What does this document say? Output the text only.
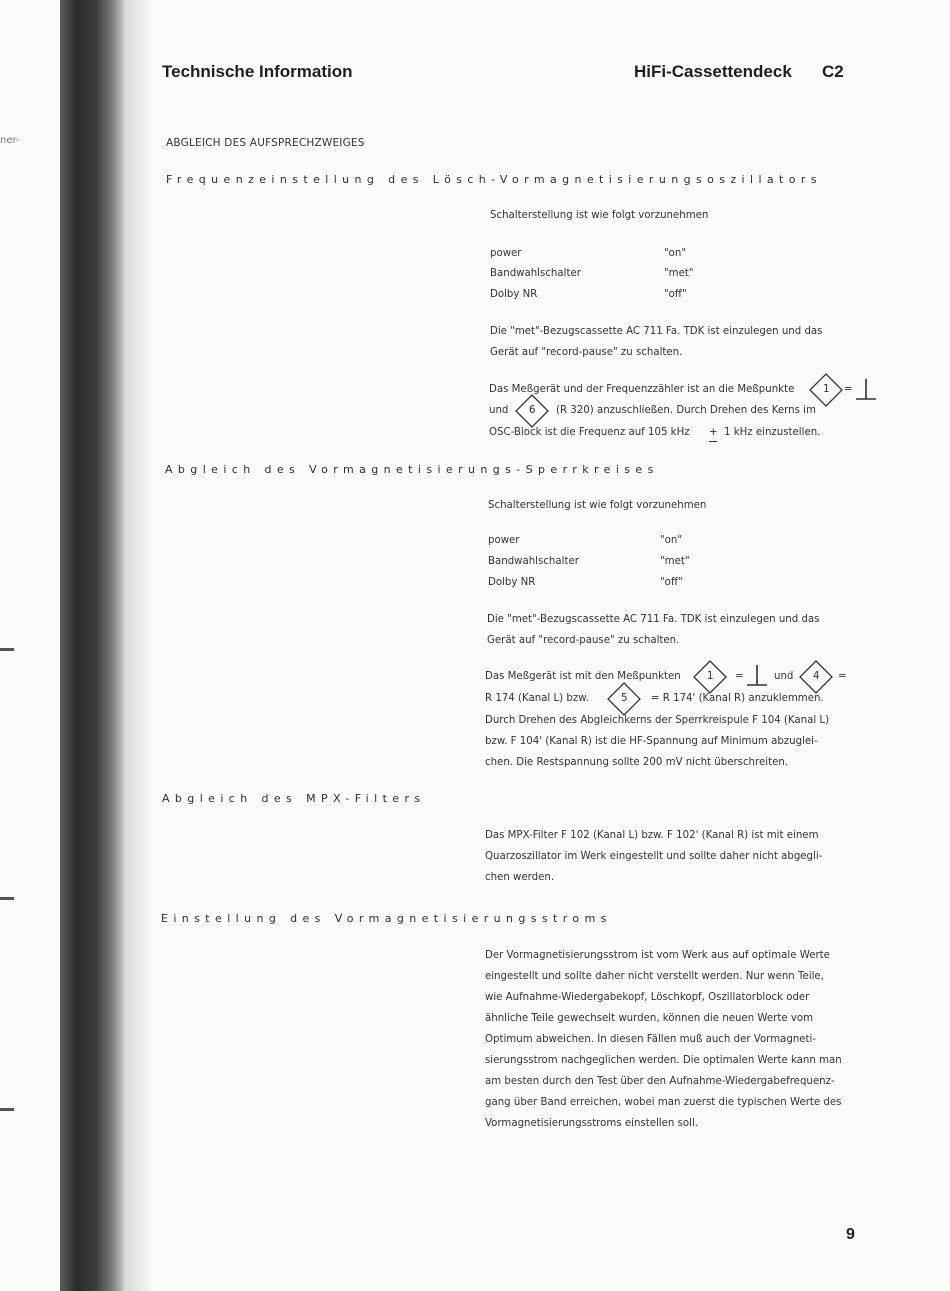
ner-
Technische Information	HiFi-Cassettendeck C2
ABGLEICH DES AUFSPRECHZWEIGES
Frequenzeinstellung des Lösch-Vormagnetisierungsoszillators
Schalterstellung ist wie folgt vorzunehmen
power	"on"
Bandwahlschalter	"met"
Dolby NR	"off"
Die "met"-Bezugscassette AC 711 Fa. TDK ist einzulegen und das
Gerät auf "record-pause" zu schalten.
Das Meßgerät und der Frequenzzähler ist an die Meßpunkte	1 =
und 6 (R 320) anzuschließen. Durch Drehen des Kerns im
OSC-Block ist die Frequenz auf 105 kHz + 1 kHz einzustellen.
Abgleich des Vormagnetisierungs-Sperrkreises
Schalterstellung ist wie folgt vorzunehmen
power	"on"
Bandwahlschalter	"met"
Dolby NR	"off"
Die "met"-Bezugscassette AC 711 Fa. TDK ist einzulegen und das
Gerät auf "record-pause" zu schalten.
Das Meßgerät ist mit den Meßpunkten	1 =	und 4 =
R 174 (Kanal L) bzw.	5 = R 174' (Kanal R) anzuklemmen.
Durch Drehen des Abgleichkerns der Sperrkreispule F 104 (Kanal L)
bzw. F 104' (Kanal R) ist die HF-Spannung auf Minimum abzuglei-
chen. Die Restspannung sollte 200 mV nicht überschreiten.
Abgleich des MPX-Filters
Das MPX-Filter F 102 (Kanal L) bzw. F 102' (Kanal R) ist mit einem
Quarzoszillator im Werk eingestellt und sollte daher nicht abgegli-
chen werden.
Einstellung des Vormagnetisierungsstroms
Der Vormagnetisierungsstrom ist vom Werk aus auf optimale Werte
eingestellt und sollte daher nicht verstellt werden. Nur wenn Teile,
wie Aufnahme-Wiedergabekopf, Löschkopf, Oszillatorblock oder
ähnliche Teile gewechselt wurden, können die neuen Werte vom
Optimum abweichen. In diesen Fällen muß auch der Vormagneti-
sierungsstrom nachgeglichen werden. Die optimalen Werte kann man
am besten durch den Test über den Aufnahme-Wiedergabefrequenz-
gang über Band erreichen, wobei man zuerst die typischen Werte des
Vormagnetisierungsstroms einstellen soll.
9
